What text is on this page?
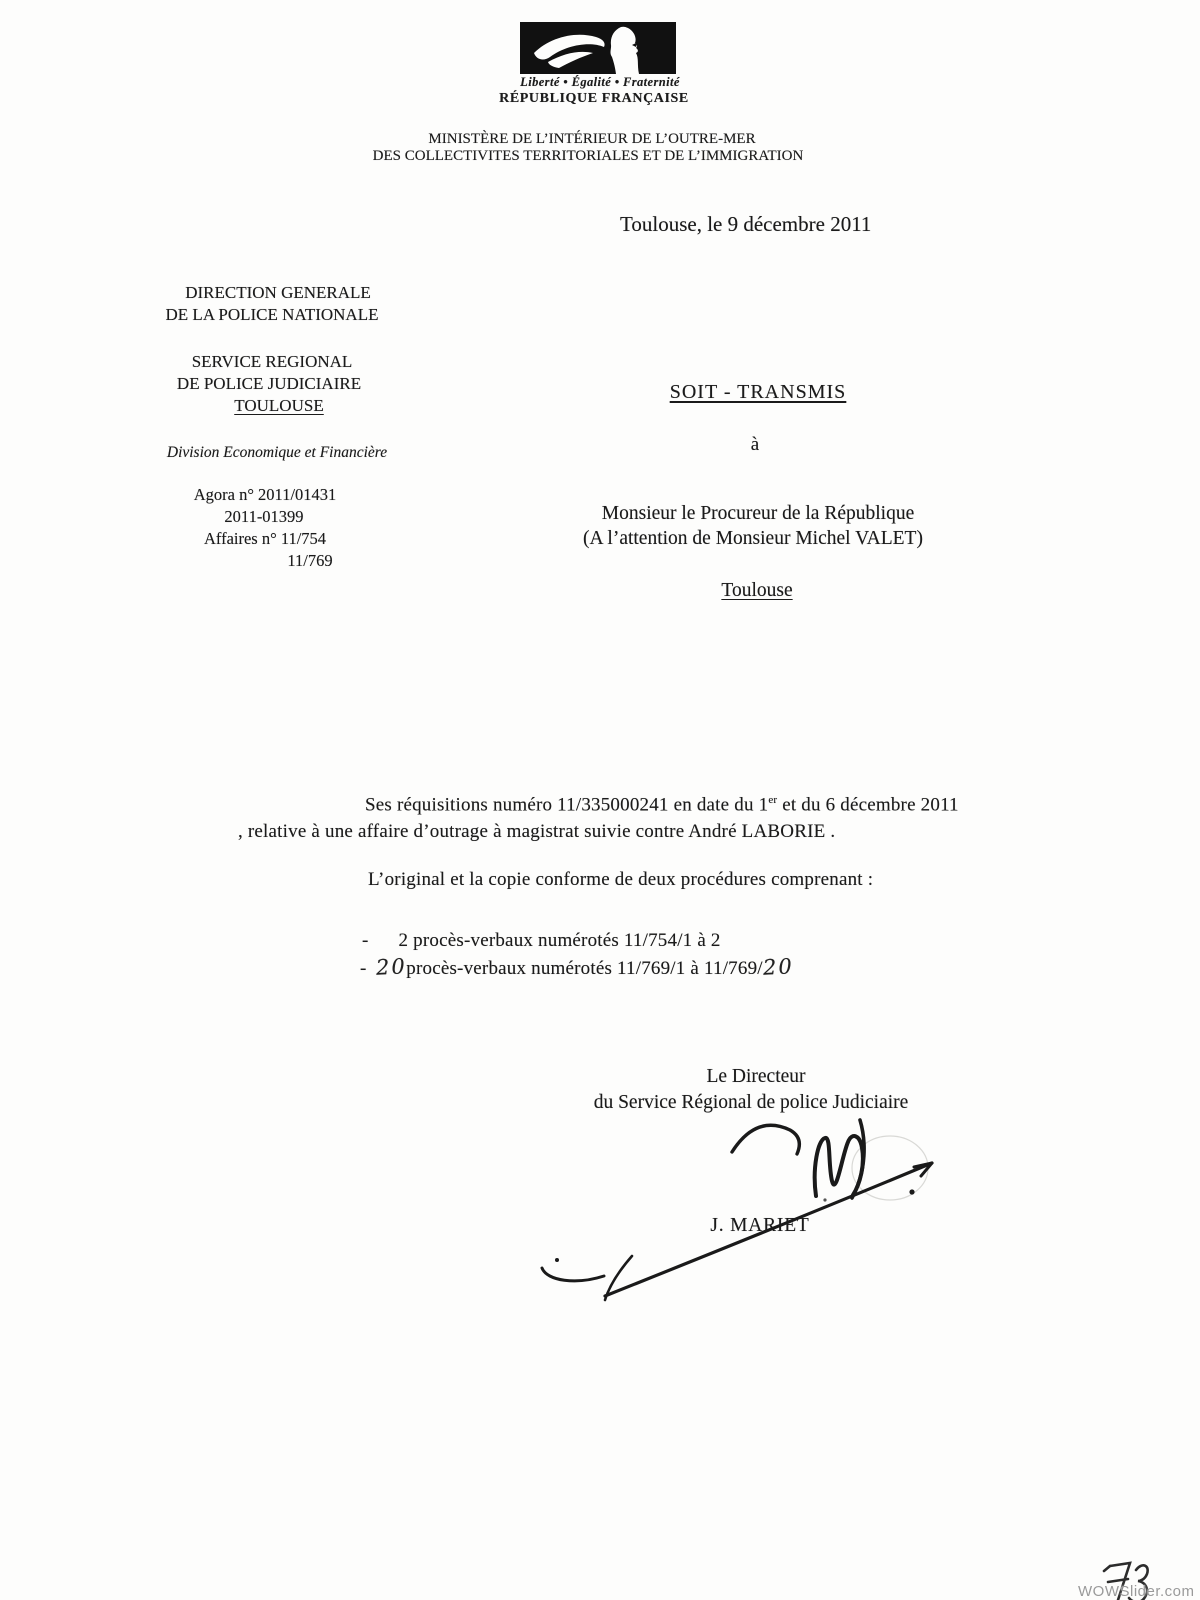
Liberté • Égalité • Fraternité
RÉPUBLIQUE FRANÇAISE
MINISTÈRE DE L’INTÉRIEUR DE L’OUTRE-MER
DES COLLECTIVITES TERRITORIALES ET DE L’IMMIGRATION
Toulouse, le 9 décembre 2011
DIRECTION GENERALE
DE LA POLICE NATIONALE
SERVICE REGIONAL
DE POLICE JUDICIAIRE
TOULOUSE
Division Economique et Financière
Agora n° 2011/01431
2011-01399
Affaires n° 11/754
11/769
SOIT - TRANSMIS
à
Monsieur le Procureur de la République
(A l’attention de Monsieur Michel VALET)
Toulouse
Ses réquisitions numéro 11/335000241 en date du 1er et du 6 décembre 2011
, relative à une affaire d’outrage à magistrat suivie contre André LABORIE .
L’original et la copie conforme de deux procédures comprenant :
- 2 procès-verbaux numérotés 11/754/1 à 2
- 20procès-verbaux numérotés 11/769/1 à 11/769/20
Le Directeur
du Service Régional de police Judiciaire
J. MARIET
WOWSlider.com
